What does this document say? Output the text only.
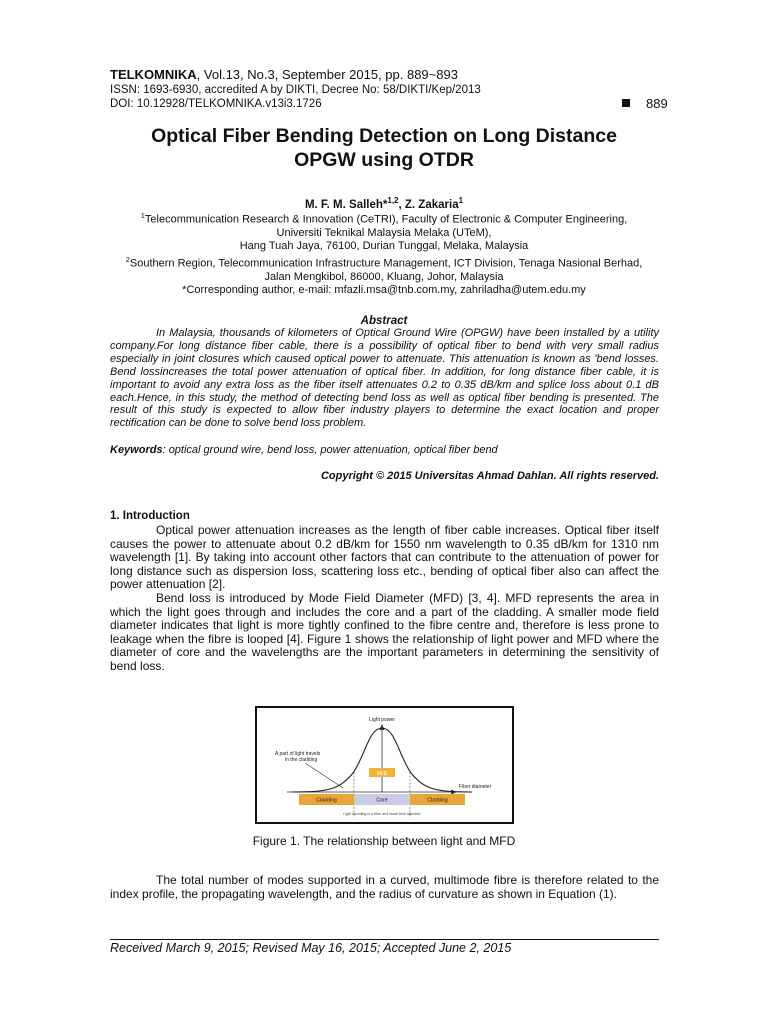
TELKOMNIKA, Vol.13, No.3, September 2015, pp. 889~893
ISSN: 1693-6930, accredited A by DIKTI, Decree No: 58/DIKTI/Kep/2013
DOI: 10.12928/TELKOMNIKA.v13i3.1726	889
Optical Fiber Bending Detection on Long Distance
OPGW using OTDR
M. F. M. Salleh*$^{1,2}$, Z. Zakaria$^1$
$^1$Telecommunication Research & Innovation (CeTRI), Faculty of Electronic & Computer Engineering,
Universiti Teknikal Malaysia Melaka (UTeM),
Hang Tuah Jaya, 76100, Durian Tunggal, Melaka, Malaysia
$^2$Southern Region, Telecommunication Infrastructure Management, ICT Division, Tenaga Nasional Berhad,
Jalan Mengkibol, 86000, Kluang, Johor, Malaysia
*Corresponding author, e-mail: mfazli.msa@tnb.com.my, zahriladha@utem.edu.my
Abstract
In Malaysia, thousands of kilometers of Optical Ground Wire (OPGW) have been installed by a utility company.For long distance fiber cable, there is a possibility of optical fiber to bend with very small radius especially in joint closures which caused optical power to attenuate. This attenuation is known as 'bend losses. Bend lossincreases the total power attenuation of optical fiber. In addition, for long distance fiber cable, it is important to avoid any extra loss as the fiber itself attenuates 0.2 to 0.35 dB/km and splice loss about 0.1 dB each.Hence, in this study, the method of detecting bend loss as well as optical fiber bending is presented. The result of this study is expected to allow fiber industry players to determine the exact location and proper rectification can be done to solve bend loss problem.
Keywords: optical ground wire, bend loss, power attenuation, optical fiber bend
Copyright © 2015 Universitas Ahmad Dahlan. All rights reserved.
1. Introduction

Optical power attenuation increases as the length of fiber cable increases. Optical fiber itself causes the power to attenuate about 0.2 dB/km for 1550 nm wavelength to 0.35 dB/km for 1310 nm wavelength [1]. By taking into account other factors that can contribute to the attenuation of power for long distance such as dispersion loss, scattering loss etc., bending of optical fiber also can affect the power attenuation [2].

Bend loss is introduced by Mode Field Diameter (MFD) [3, 4]. MFD represents the area in which the light goes through and includes the core and a part of the cladding. A smaller mode field diameter indicates that light is more tightly confined to the fibre centre and, therefore is less prone to leakage when the fibre is looped [4]. Figure 1 shows the relationship of light power and MFD where the diameter of core and the wavelengths are the important parameters in determining the sensitivity of bend loss.

Light power
Fiber diameter
MFD
A part of light travels
in the cladding
Cladding	Core	Cladding
Light travelling in a fiber and mode field diameter
Figure 1. The relationship between light and MFD

The total number of modes supported in a curved, multimode fibre is therefore related to the index profile, the propagating wavelength, and the radius of curvature as shown in Equation (1).

Received March 9, 2015; Revised May 16, 2015; Accepted June 2, 2015
